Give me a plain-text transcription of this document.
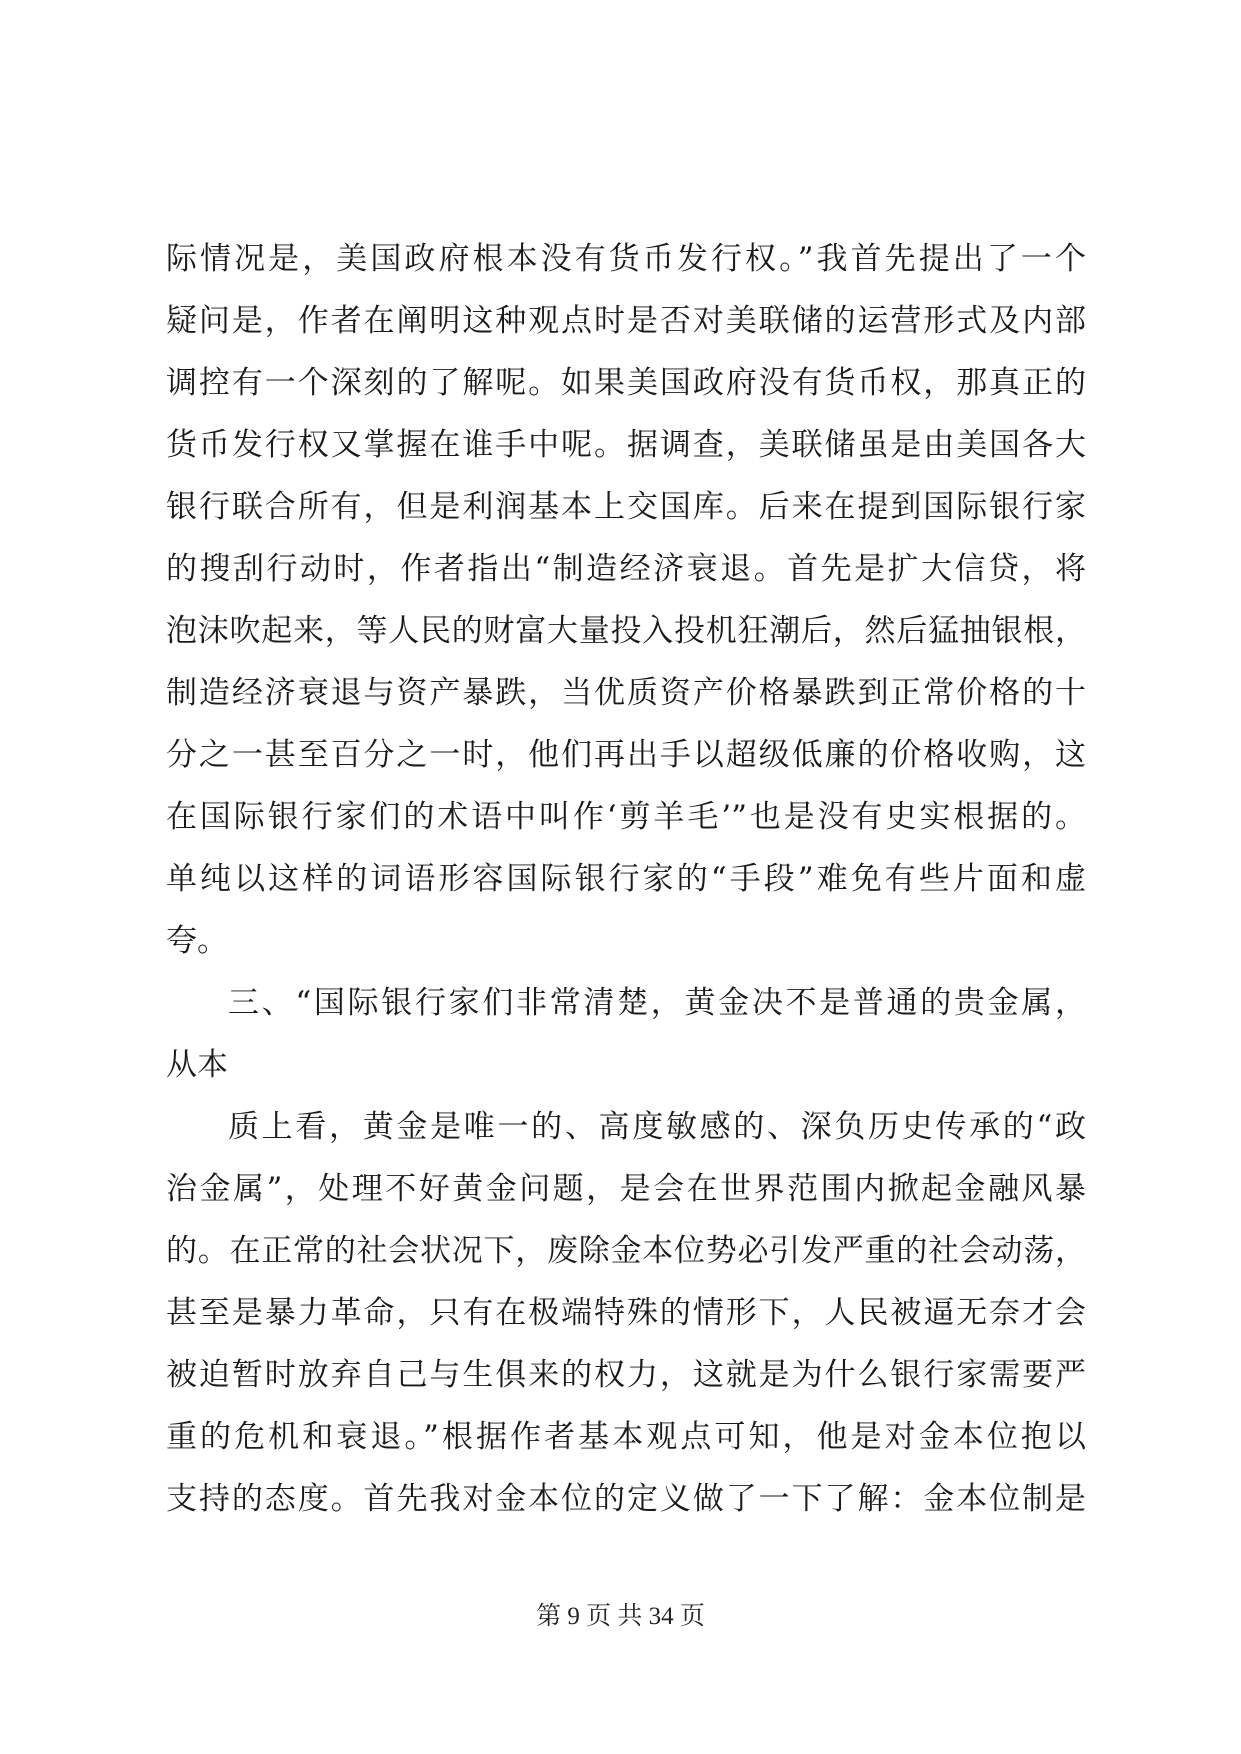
际情况是，美国政府根本没有货币发行权。”我首先提出了一个
疑问是，作者在阐明这种观点时是否对美联储的运营形式及内部
调控有一个深刻的了解呢。如果美国政府没有货币权，那真正的
货币发行权又掌握在谁手中呢。据调查，美联储虽是由美国各大
银行联合所有，但是利润基本上交国库。后来在提到国际银行家
的搜刮行动时，作者指出“制造经济衰退。首先是扩大信贷，将
泡沫吹起来，等人民的财富大量投入投机狂潮后，然后猛抽银根，
制造经济衰退与资产暴跌，当优质资产价格暴跌到正常价格的十
分之一甚至百分之一时，他们再出手以超级低廉的价格收购，这
在国际银行家们的术语中叫作‘剪羊毛’”也是没有史实根据的。
单纯以这样的词语形容国际银行家的“手段”难免有些片面和虚
夸。
三、“国际银行家们非常清楚，黄金决不是普通的贵金属，
从本
质上看，黄金是唯一的、高度敏感的、深负历史传承的“政
治金属”，处理不好黄金问题，是会在世界范围内掀起金融风暴
的。在正常的社会状况下，废除金本位势必引发严重的社会动荡，
甚至是暴力革命，只有在极端特殊的情形下，人民被逼无奈才会
被迫暂时放弃自己与生俱来的权力，这就是为什么银行家需要严
重的危机和衰退。”根据作者基本观点可知，他是对金本位抱以
支持的态度。首先我对金本位的定义做了一下了解：金本位制是
第 9 页 共 34 页
